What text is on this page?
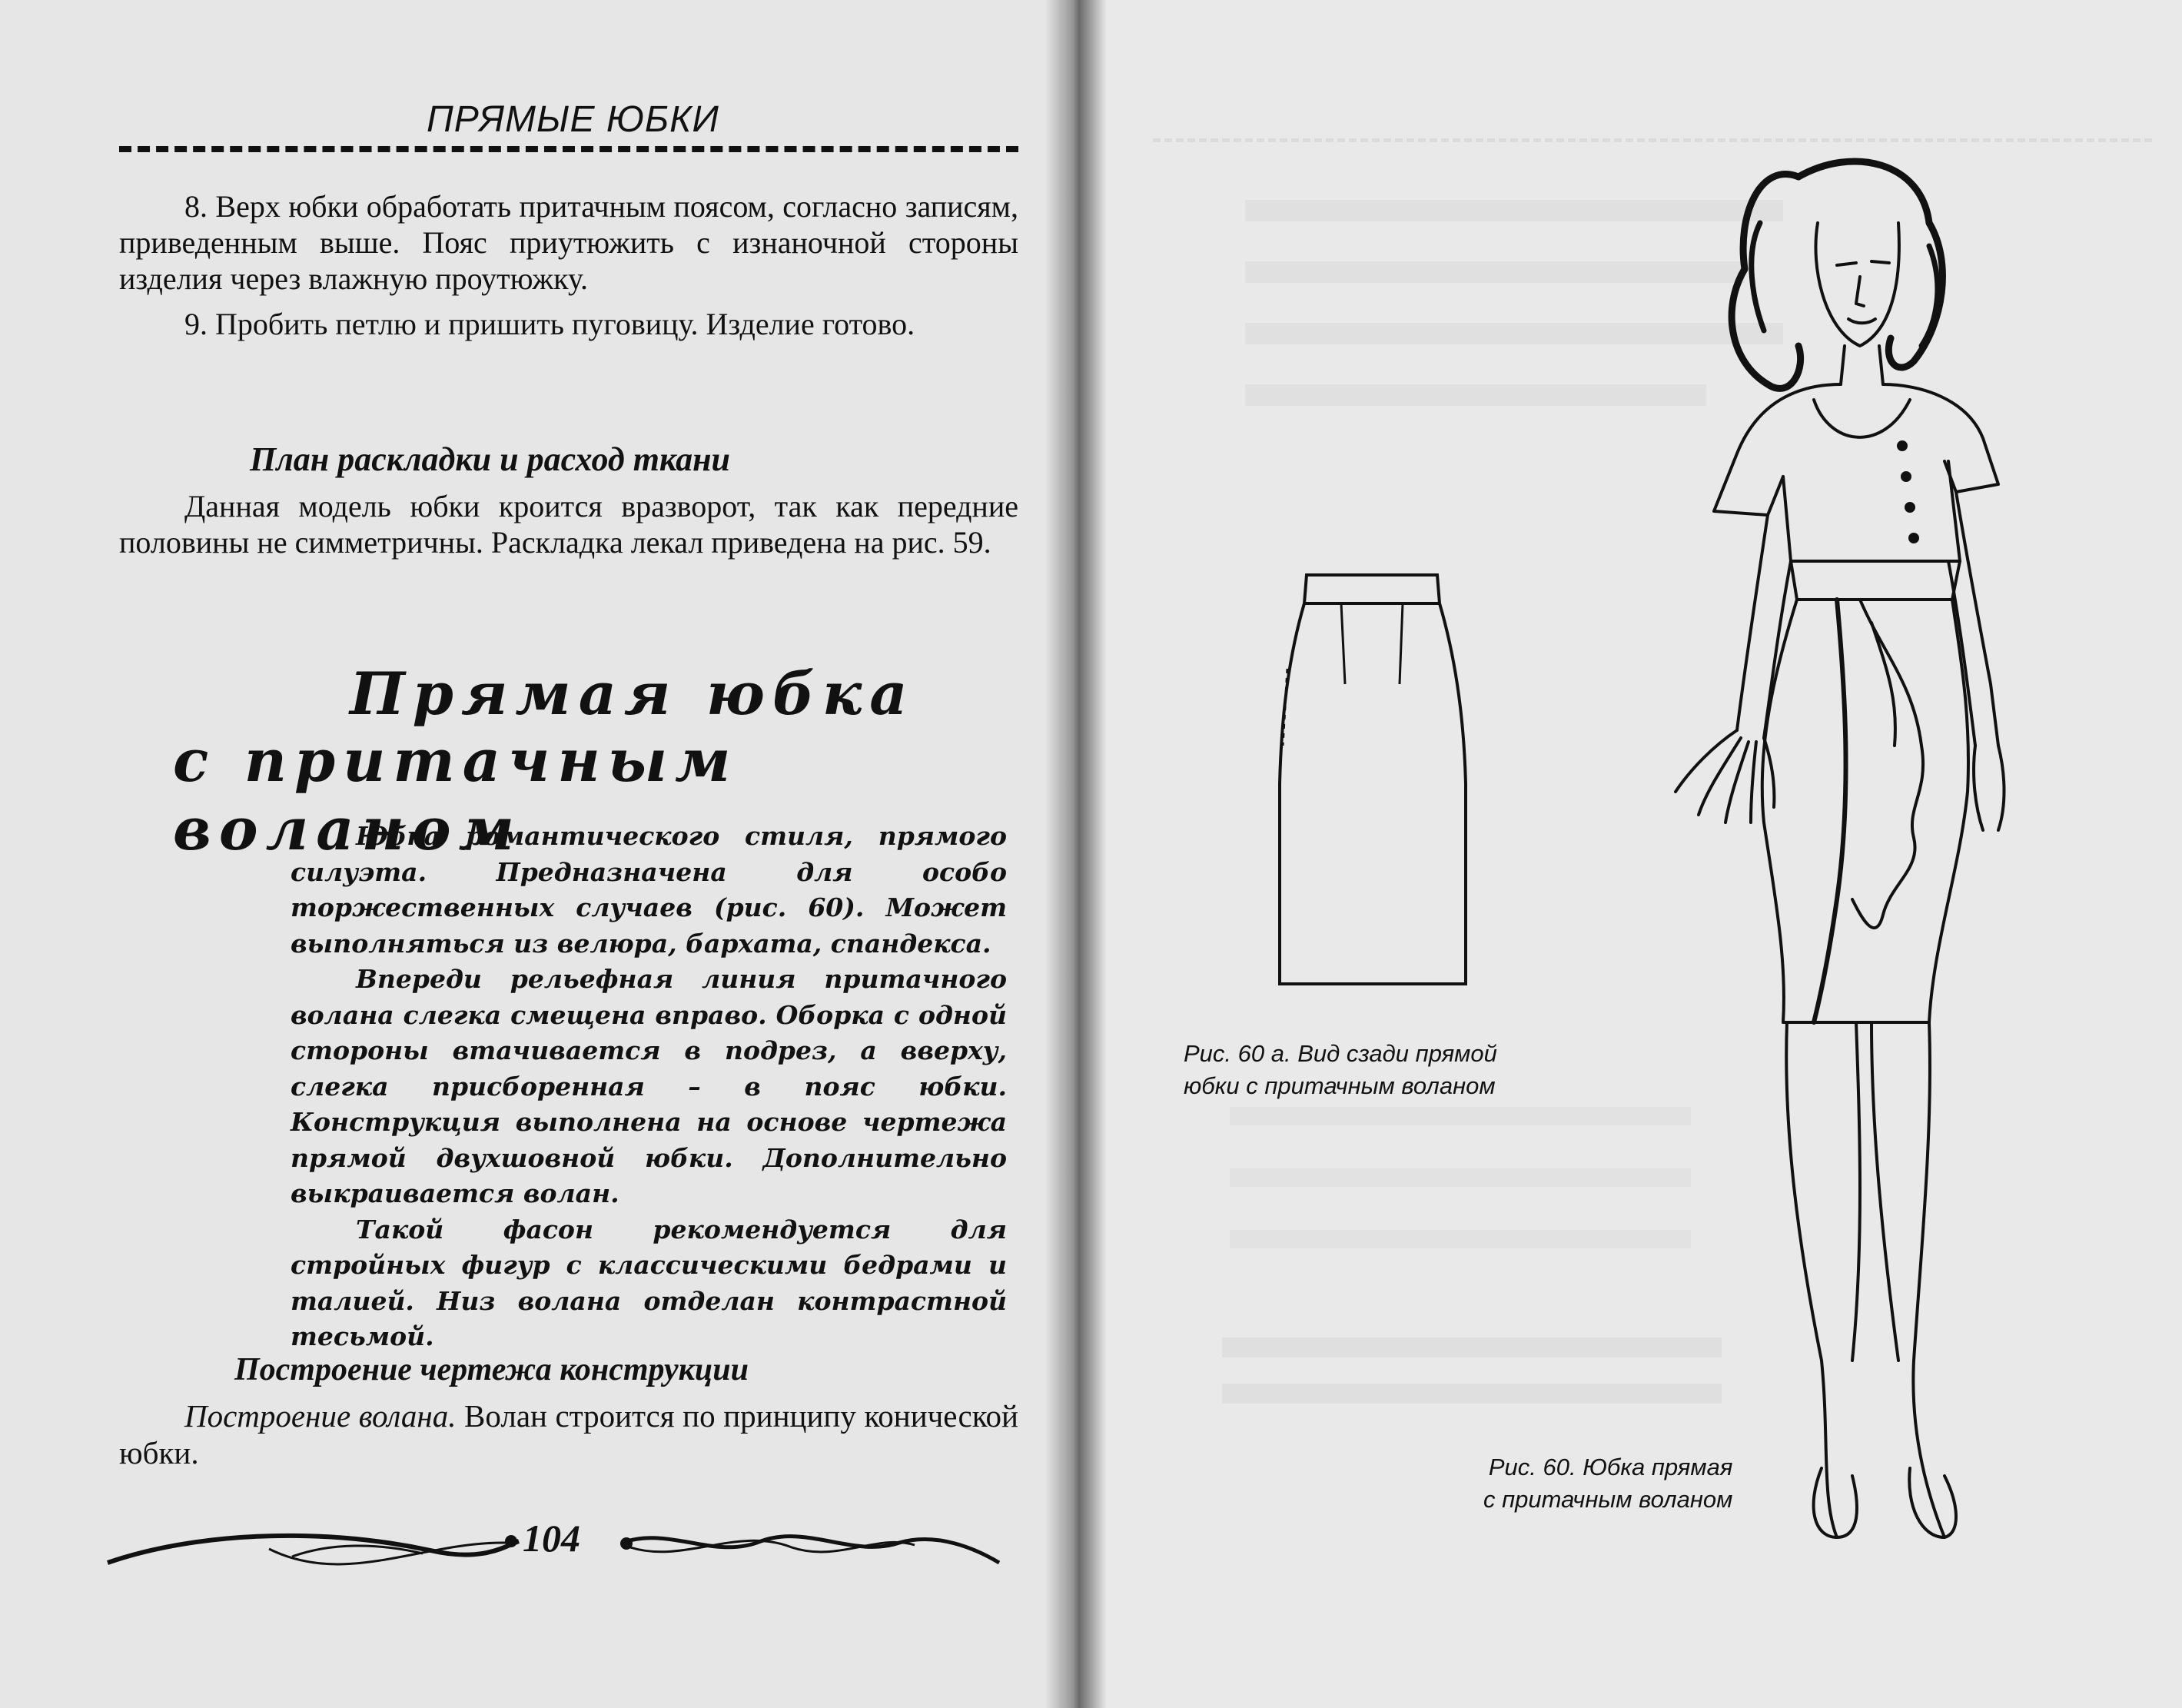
ПРЯМЫЕ ЮБКИ

8. Верх юбки обработать притачным поясом, согласно записям, приведенным выше. Пояс приутюжить с изнаночной стороны изделия через влажную проутюжку.

9. Пробить петлю и пришить пуговицу. Изделие готово.

План раскладки и расход ткани

Данная модель юбки кроится вразворот, так как передние половины не симметричны. Раскладка лекал приведена на рис. 59.

Прямая юбка
с притачным воланом

Юбка романтического стиля, прямого силуэта. Предназначена для особо торжественных случаев (рис. 60). Может выполняться из велюра, бархата, спандекса.

Впереди рельефная линия притачного волана слегка смещена вправо. Оборка с одной стороны втачивается в подрез, а вверху, слегка присборенная – в пояс юбки. Конструкция выполнена на основе чертежа прямой двухшовной юбки. Дополнительно выкраивается волан.

Такой фасон рекомендуется для стройных фигур с классическими бедрами и талией. Низ волана отделан контрастной тесьмой.

Построение чертежа конструкции

Построение волана. Волан строится по принципу конической юбки.

104
Рис. 60 а. Вид сзади прямой
юбки с притачным воланом
Рис. 60. Юбка прямая
с притачным воланом
